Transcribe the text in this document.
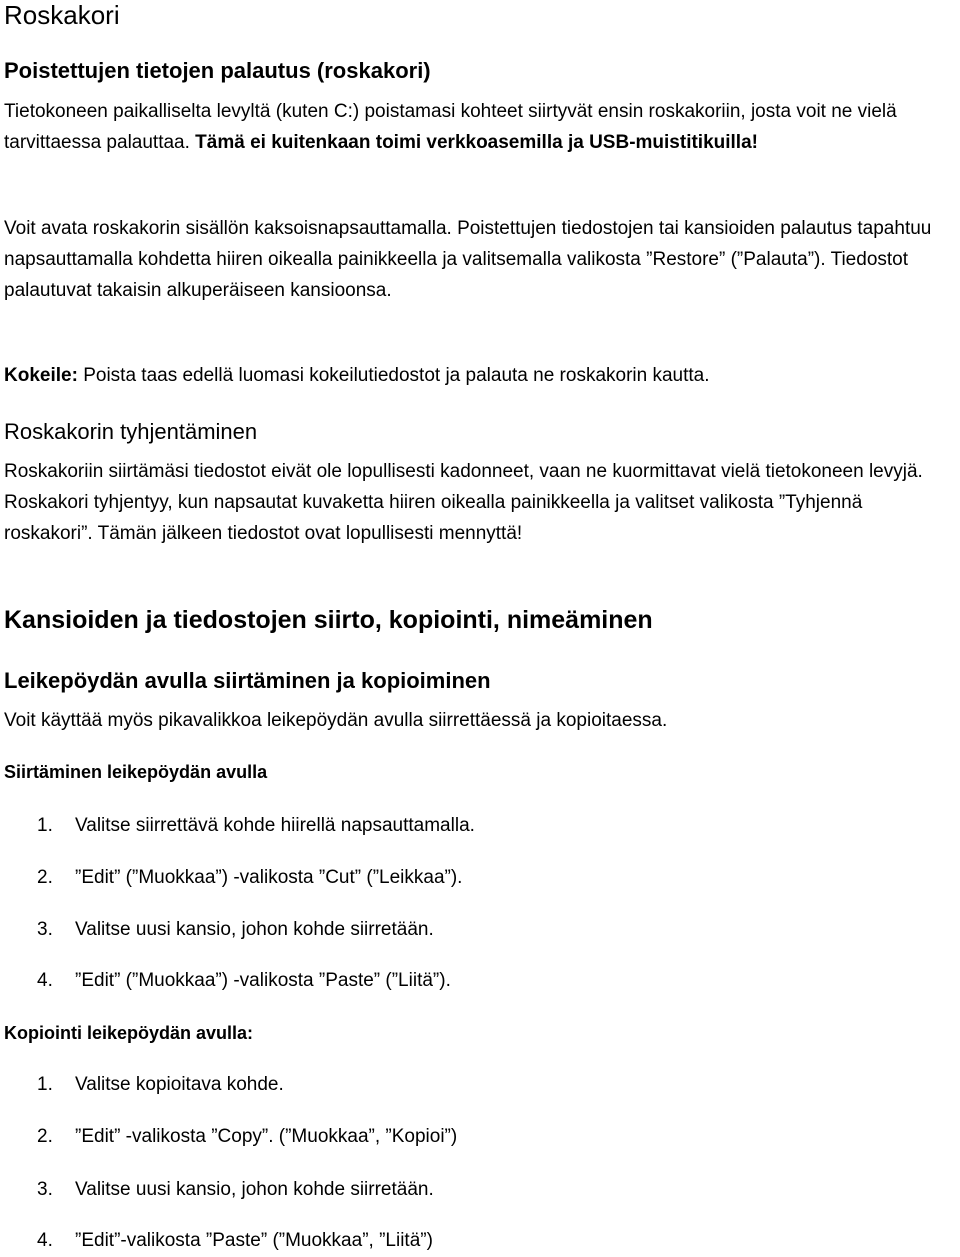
Roskakori
Poistettujen tietojen palautus (roskakori)

Tietokoneen paikalliselta levyltä (kuten C:) poistamasi kohteet siirtyvät ensin roskakoriin, josta voit ne vielä tarvittaessa palauttaa. Tämä ei kuitenkaan toimi verkkoasemilla ja USB-muistitikuilla!

Voit avata roskakorin sisällön kaksoisnapsauttamalla. Poistettujen tiedostojen tai kansioiden palautus tapahtuu napsauttamalla kohdetta hiiren oikealla painikkeella ja valitsemalla valikosta ”Restore” (”Palauta”). Tiedostot palautuvat takaisin alkuperäiseen kansioonsa.

Kokeile: Poista taas edellä luomasi kokeilutiedostot ja palauta ne roskakorin kautta.

Roskakorin tyhjentäminen

Roskakoriin siirtämäsi tiedostot eivät ole lopullisesti kadonneet, vaan ne kuormittavat vielä tietokoneen levyjä. Roskakori tyhjentyy, kun napsautat kuvaketta hiiren oikealla painikkeella ja valitset valikosta ”Tyhjennä roskakori”. Tämän jälkeen tiedostot ovat lopullisesti mennyttä!

Kansioiden ja tiedostojen siirto, kopiointi, nimeäminen
Leikepöydän avulla siirtäminen ja kopioiminen

Voit käyttää myös pikavalikkoa leikepöydän avulla siirrettäessä ja kopioitaessa.

Siirtäminen leikepöydän avulla
1. Valitse siirrettävä kohde hiirellä napsauttamalla.
2. ”Edit” (”Muokkaa”) -valikosta ”Cut” (”Leikkaa”).
3. Valitse uusi kansio, johon kohde siirretään.
4. ”Edit” (”Muokkaa”) -valikosta ”Paste” (”Liitä”).
Kopiointi leikepöydän avulla:
1. Valitse kopioitava kohde.
2. ”Edit” -valikosta ”Copy”. (”Muokkaa”, ”Kopioi”)
3. Valitse uusi kansio, johon kohde siirretään.
4. ”Edit”-valikosta ”Paste” (”Muokkaa”, ”Liitä”)
